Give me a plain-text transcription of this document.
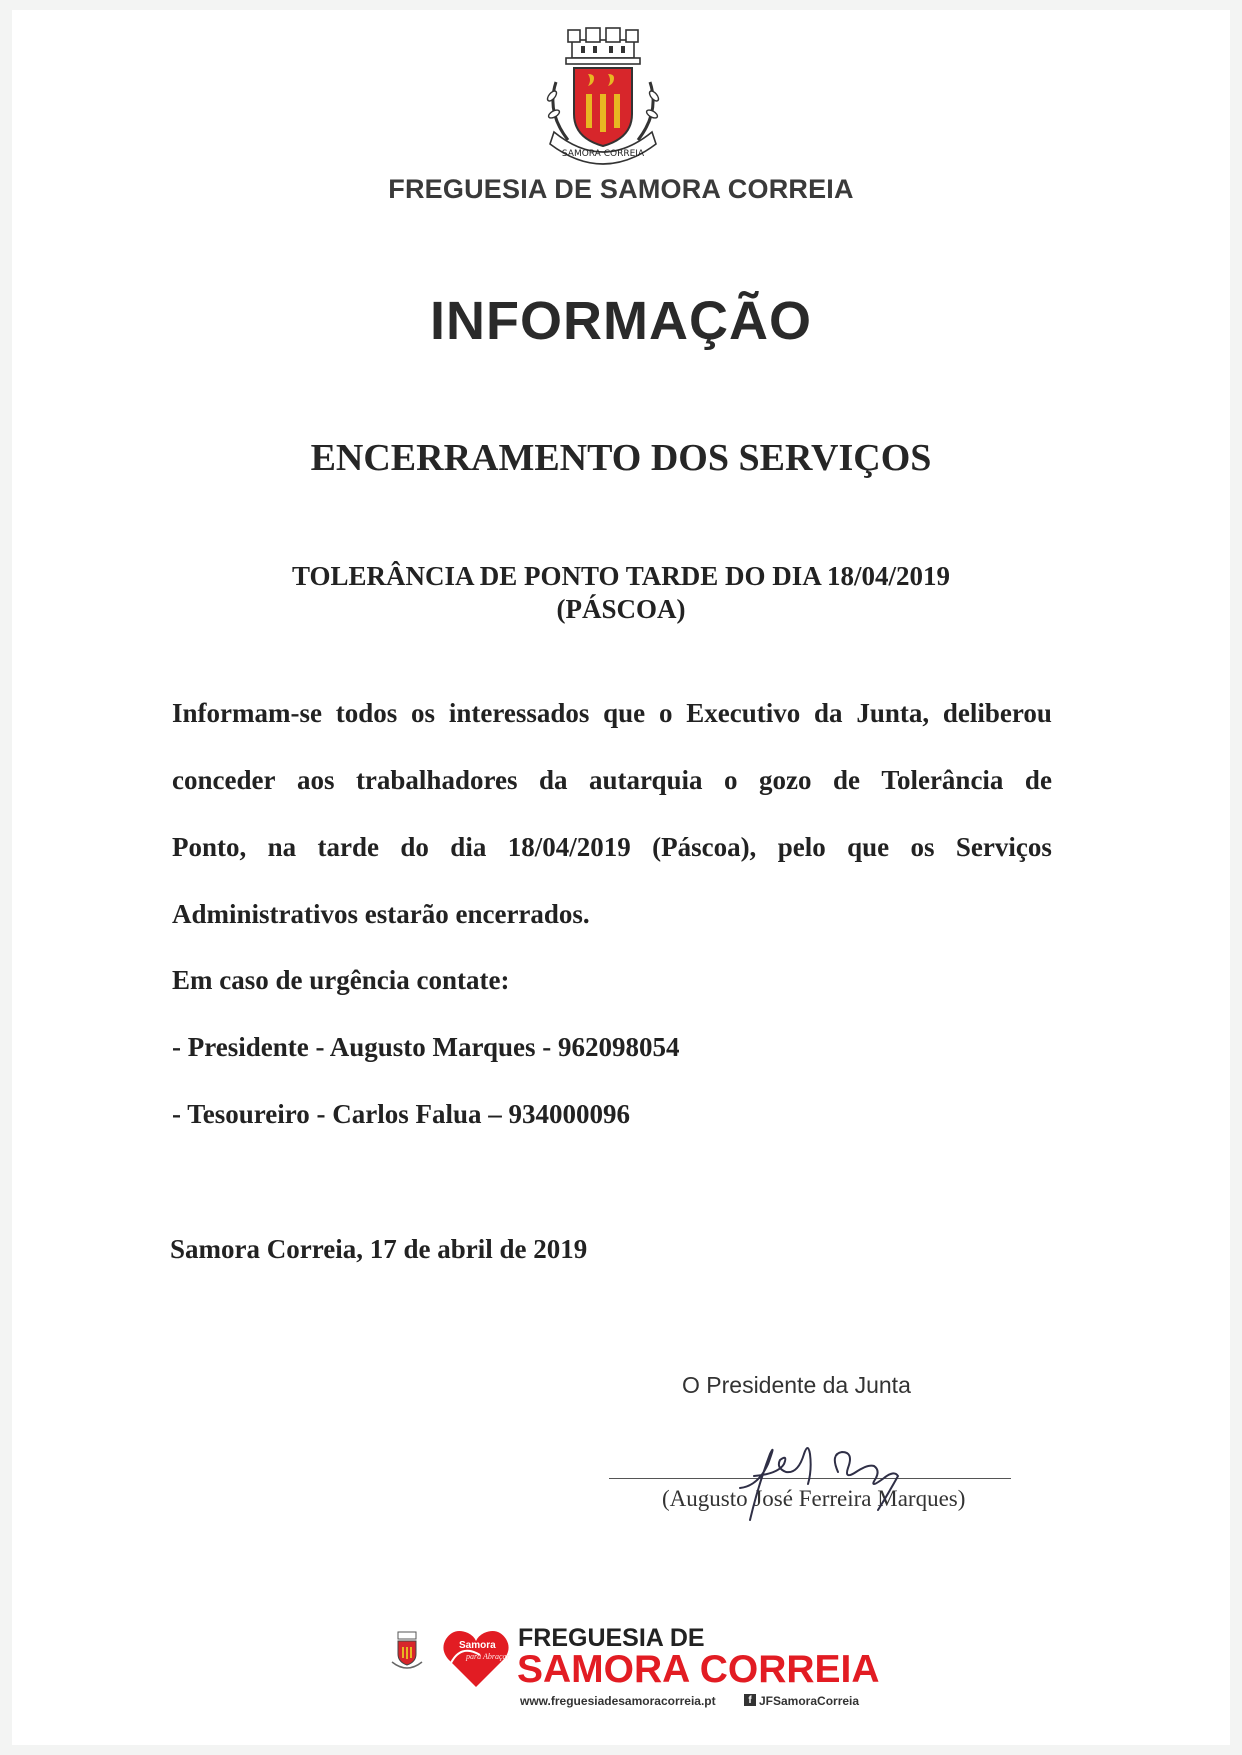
SAMORA CORREIA
FREGUESIA DE SAMORA CORREIA
INFORMAÇÃO
ENCERRAMENTO DOS SERVIÇOS
TOLERÂNCIA DE PONTO TARDE DO DIA 18/04/2019
(PÁSCOA)
Informam-se todos os interessados que o Executivo da Junta, deliberou
conceder aos trabalhadores da autarquia o gozo de Tolerância de
Ponto, na tarde do dia 18/04/2019 (Páscoa), pelo que os Serviços
Administrativos estarão encerrados.
Em caso de urgência contate:
- Presidente - Augusto Marques - 962098054
- Tesoureiro - Carlos Falua – 934000096
Samora Correia, 17 de abril de 2019
O Presidente da Junta
(Augusto José Ferreira Marques)
Samora
para Abraçar
FREGUESIA DE
SAMORA CORREIA
www.freguesiadesamoracorreia.pt	f JFSamoraCorreia
